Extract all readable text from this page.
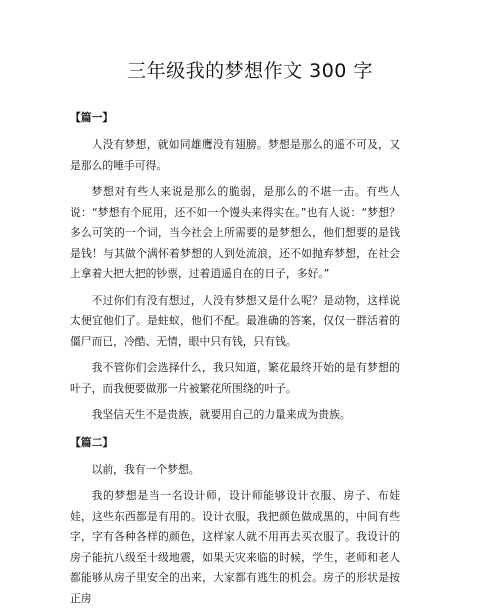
三年级我的梦想作文 300 字
【篇一】

人没有梦想，就如同雄鹰没有翅膀。梦想是那么的遥不可及，又是那么的唾手可得。

梦想对有些人来说是那么的脆弱，是那么的不堪一击。有些人说：“梦想有个屁用，还不如一个馒头来得实在。”也有人说：“梦想？多么可笑的一个词，当今社会上所需要的是梦想么，他们想要的是钱是钱！与其做个满怀着梦想的人到处流浪，还不如抛弃梦想，在社会上拿着大把大把的钞票，过着逍遥自在的日子，多好。”

不过你们有没有想过，人没有梦想又是什么呢？是动物，这样说太便宜他们了。是蛀蚁，他们不配。最准确的答案，仅仅一群活着的僵尸而已，冷酷、无情，眼中只有钱，只有钱。

我不管你们会选择什么，我只知道，繁花最终开始的是有梦想的叶子，而我便要做那一片被繁花所围绕的叶子。

我坚信天生不是贵族，就要用自己的力量来成为贵族。

【篇二】

以前，我有一个梦想。

我的梦想是当一名设计师，设计师能够设计衣服、房子、布娃娃，这些东西都是有用的。设计衣服，我把颜色做成黑的，中间有些字，字有各种各样的颜色，这样家人就不用再去买衣服了。我设计的房子能抗八级至十级地震，如果天灾来临的时候，学生，老师和老人都能够从房子里安全的出来，大家都有逃生的机会。房子的形状是按正房
